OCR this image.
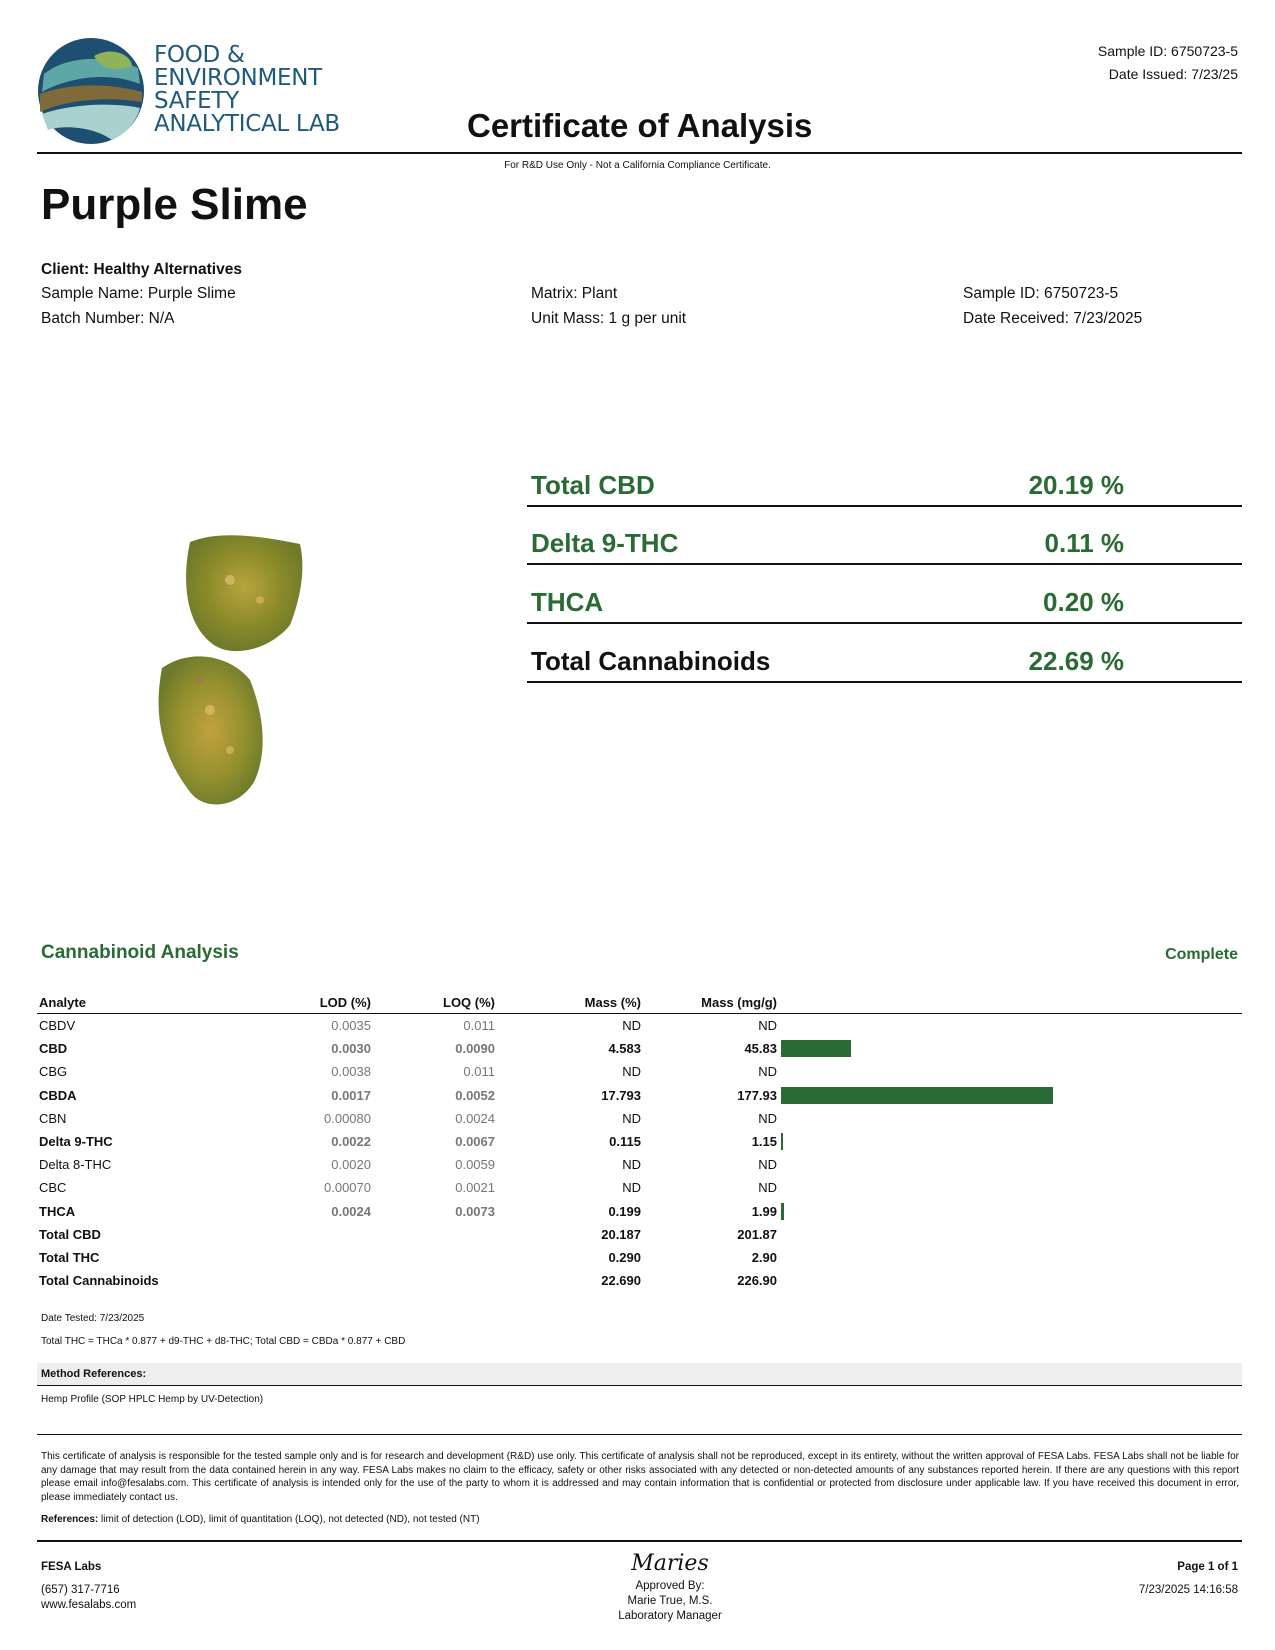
FOOD &
ENVIRONMENT
SAFETY
ANALYTICAL LAB	Certificate of Analysis
Sample ID: 6750723-5
Date Issued: 7/23/25
For R&D Use Only - Not a California Compliance Certificate.
Purple Slime
Client: Healthy Alternatives
Sample Name: Purple Slime
Batch Number: N/A
Matrix: Plant
Unit Mass: 1 g per unit
Sample ID: 6750723-5
Date Received: 7/23/2025
Total CBD	20.19 %
Delta 9-THC	0.11 %
THCA	0.20 %
Total Cannabinoids	22.69 %
Cannabinoid Analysis	Complete
Analyte	LOD (%)	LOQ (%)	Mass (%)	Mass (mg/g)	
CBDV	0.0035	0.011	ND	ND	
CBD	0.0030	0.0090	4.583	45.83	

CBG	0.0038	0.011	ND	ND	
CBDA	0.0017	0.0052	17.793	177.93	

CBN	0.00080	0.0024	ND	ND	
Delta 9-THC	0.0022	0.0067	0.115	1.15	

Delta 8-THC	0.0020	0.0059	ND	ND	
CBC	0.00070	0.0021	ND	ND	
THCA	0.0024	0.0073	0.199	1.99	

Total CBD			20.187	201.87	
Total THC			0.290	2.90	
Total Cannabinoids			22.690	226.90	
Date Tested: 7/23/2025
Total THC = THCa * 0.877 + d9-THC + d8-THC; Total CBD = CBDa * 0.877 + CBD
Method References:
Hemp Profile (SOP HPLC Hemp by UV-Detection)
This certificate of analysis is responsible for the tested sample only and is for research and development (R&D) use only. This certificate of analysis shall not be reproduced, except in its entirety, without the written approval of FESA Labs. FESA Labs shall not be liable for any damage that may result from the data contained herein in any way. FESA Labs makes no claim to the efficacy, safety or other risks associated with any detected or non-detected amounts of any substances reported herein. If there are any questions with this report please email info@fesalabs.com. This certificate of analysis is intended only for the use of the party to whom it is addressed and may contain information that is confidential or protected from disclosure under applicable law. If you have received this document in error, please immediately contact us.
References: limit of detection (LOD), limit of quantitation (LOQ), not detected (ND), not tested (NT)
FESA Labs
(657) 317-7716
www.fesalabs.com
Maries
Approved By:
Marie True, M.S.
Laboratory Manager
Page 1 of 1
7/23/2025 14:16:58
